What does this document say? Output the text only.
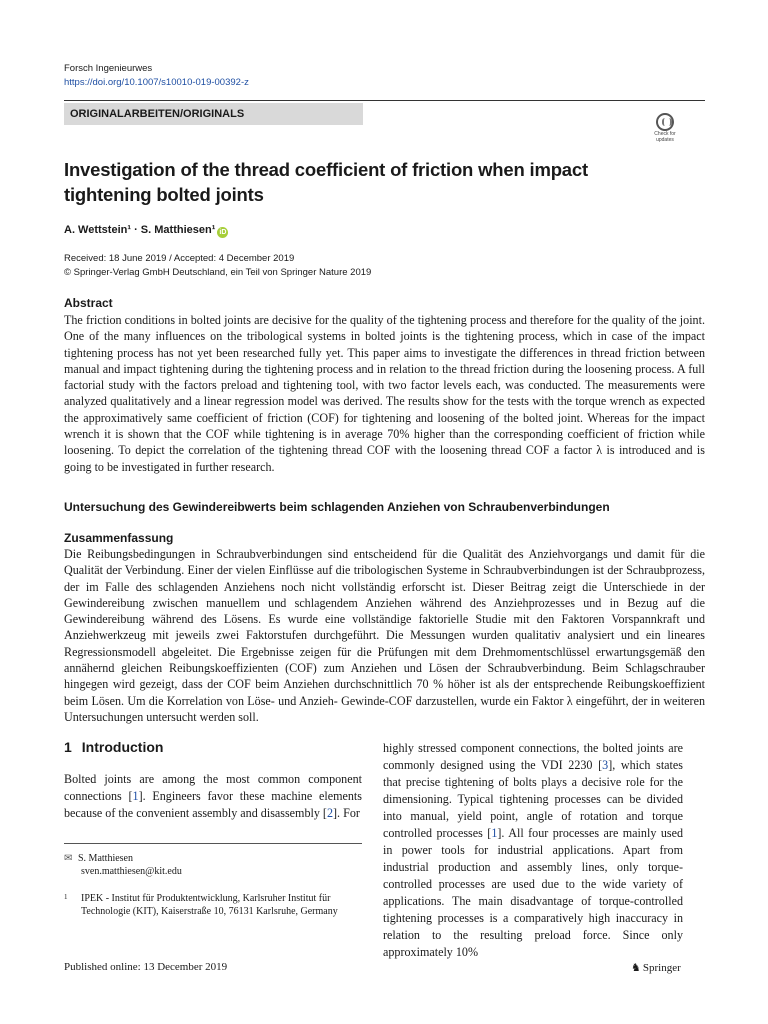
Forsch Ingenieurwes
https://doi.org/10.1007/s10010-019-00392-z
ORIGINALARBEITEN/ORIGINALS
Check for updates
Investigation of the thread coefficient of friction when impact tightening bolted joints
A. Wettstein¹ · S. Matthiesen¹ iD
Received: 18 June 2019 / Accepted: 4 December 2019
© Springer-Verlag GmbH Deutschland, ein Teil von Springer Nature 2019
Abstract
The friction conditions in bolted joints are decisive for the quality of the tightening process and therefore for the quality of the joint. One of the many influences on the tribological systems in bolted joints is the tightening process, which in case of the impact tightening process has not yet been researched fully yet. This paper aims to investigate the differences in thread friction between manual and impact tightening during the tightening process and in relation to the thread friction during the loosening process. A full factorial study with the factors preload and tightening tool, with two factor levels each, was conducted. The measurements were analyzed qualitatively and a linear regression model was derived. The results show for the tests with the torque wrench as expected the approximatively same coefficient of friction (COF) for tightening and loosening of the bolted joint. Whereas for the impact wrench it is shown that the COF while tightening is in average 70% higher than the corresponding coefficient of friction while loosening. To depict the correlation of the tightening thread COF with the loosening thread COF a factor λ is introduced and is going to be investigated in further research.
Untersuchung des Gewindereibwerts beim schlagenden Anziehen von Schraubenverbindungen
Zusammenfassung
Die Reibungsbedingungen in Schraubverbindungen sind entscheidend für die Qualität des Anziehvorgangs und damit für die Qualität der Verbindung. Einer der vielen Einflüsse auf die tribologischen Systeme in Schraubverbindungen ist der Schraubprozess, der im Falle des schlagenden Anziehens noch nicht vollständig erforscht ist. Dieser Beitrag zeigt die Unterschiede in der Gewindereibung zwischen manuellem und schlagendem Anziehen während des Anziehprozesses und in Bezug auf die Gewindereibung während des Lösens. Es wurde eine vollständige faktorielle Studie mit den Faktoren Vorspannkraft und Anziehwerkzeug mit jeweils zwei Faktorstufen durchgeführt. Die Messungen wurden qualitativ analysiert und ein lineares Regressionsmodell abgeleitet. Die Ergebnisse zeigen für die Prüfungen mit dem Drehmomentschlüssel erwartungsgemäß den annähernd gleichen Reibungskoeffizienten (COF) zum Anziehen und Lösen der Schraubverbindung. Beim Schlagschrauber hingegen wird gezeigt, dass der COF beim Anziehen durchschnittlich 70 % höher ist als der entsprechende Reibungskoeffizient beim Lösen. Um die Korrelation von Löse- und Anzieh- Gewinde-COF darzustellen, wurde ein Faktor λ eingeführt, der in weiteren Untersuchungen untersucht werden soll.
1 Introduction
Bolted joints are among the most common component connections [1]. Engineers favor these machine elements because of the convenient assembly and disassembly [2]. For
highly stressed component connections, the bolted joints are commonly designed using the VDI 2230 [3], which states that precise tightening of bolts plays a decisive role for the dimensioning. Typical tightening processes can be divided into manual, yield point, angle of rotation and torque controlled processes [1]. All four processes are mainly used in power tools for industrial applications. Apart from industrial production and assembly lines, only torque-controlled processes are used due to the wide variety of applications. The main disadvantage of torque-controlled tightening processes is a comparatively high inaccuracy in relation to the resulting preload force. Since only approximately 10%
✉ S. Matthiesen
sven.matthiesen@kit.edu
1	IPEK - Institut für Produktentwicklung, Karlsruher Institut für Technologie (KIT), Kaiserstraße 10, 76131 Karlsruhe, Germany
Published online: 13 December 2019	♞ Springer
